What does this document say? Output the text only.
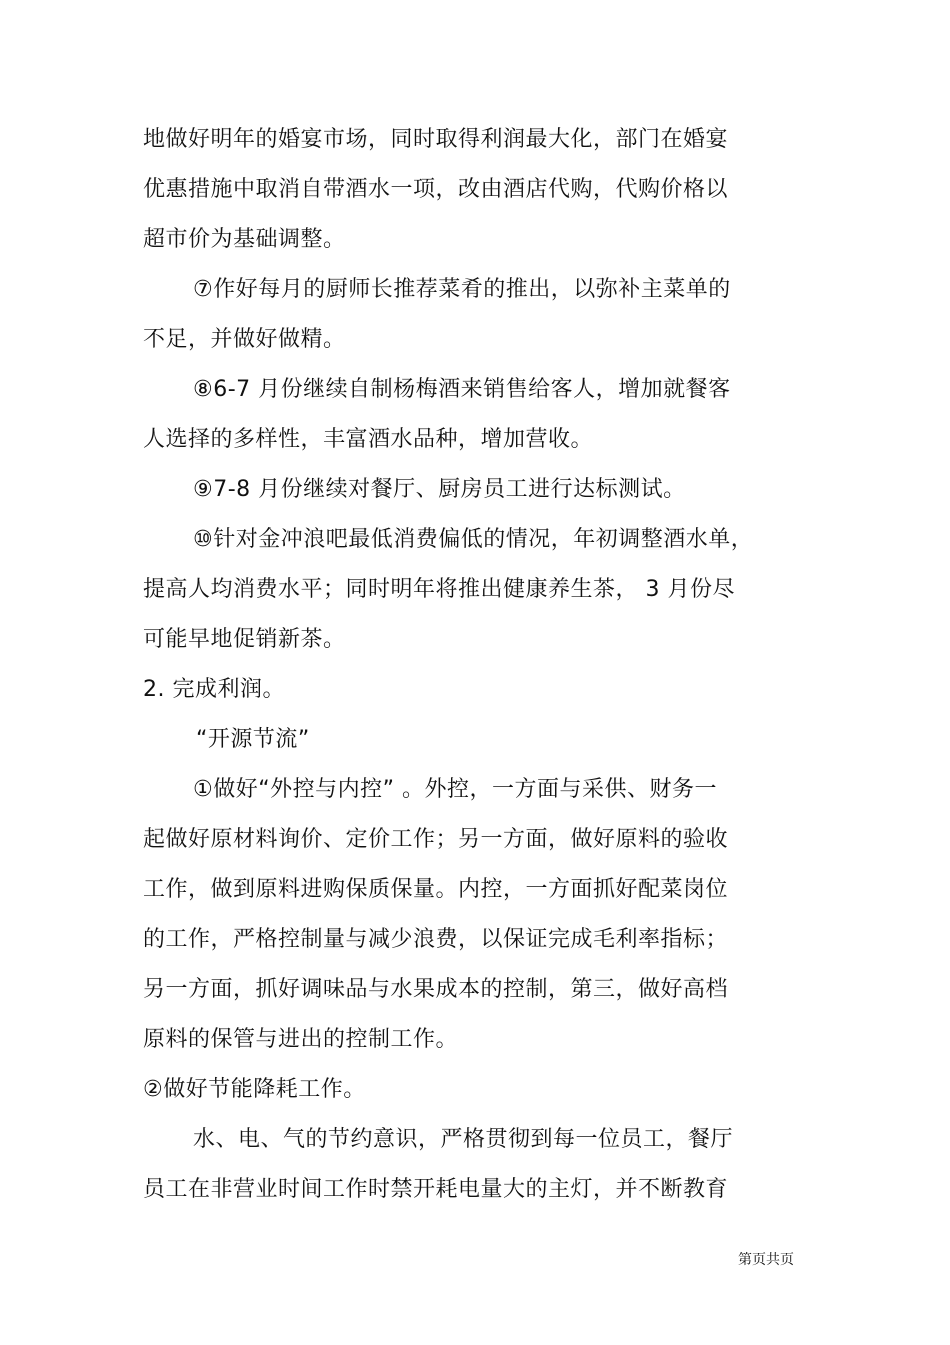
地做好明年的婚宴市场，同时取得利润最大化，部门在婚宴
优惠措施中取消自带酒水一项，改由酒店代购，代购价格以
超市价为基础调整。
⑦作好每月的厨师长推荐菜肴的推出，以弥补主菜单的
不足，并做好做精。
⑧6-7 月份继续自制杨梅酒来销售给客人，增加就餐客
人选择的多样性，丰富酒水品种，增加营收。
⑨7-8 月份继续对餐厅、厨房员工进行达标测试。
⑩针对金冲浪吧最低消费偏低的情况，年初调整酒水单，
提高人均消费水平；同时明年将推出健康养生茶， 3 月份尽
可能早地促销新茶。
2. 完成利润。
“开源节流”
①做好“外控与内控” 。外控，一方面与采供、财务一
起做好原材料询价、定价工作；另一方面，做好原料的验收
工作，做到原料进购保质保量。内控，一方面抓好配菜岗位
的工作，严格控制量与减少浪费，以保证完成毛利率指标；
另一方面，抓好调味品与水果成本的控制，第三，做好高档
原料的保管与进出的控制工作。
②做好节能降耗工作。
水、电、气的节约意识，严格贯彻到每一位员工，餐厅
员工在非营业时间工作时禁开耗电量大的主灯，并不断教育
第页共页
